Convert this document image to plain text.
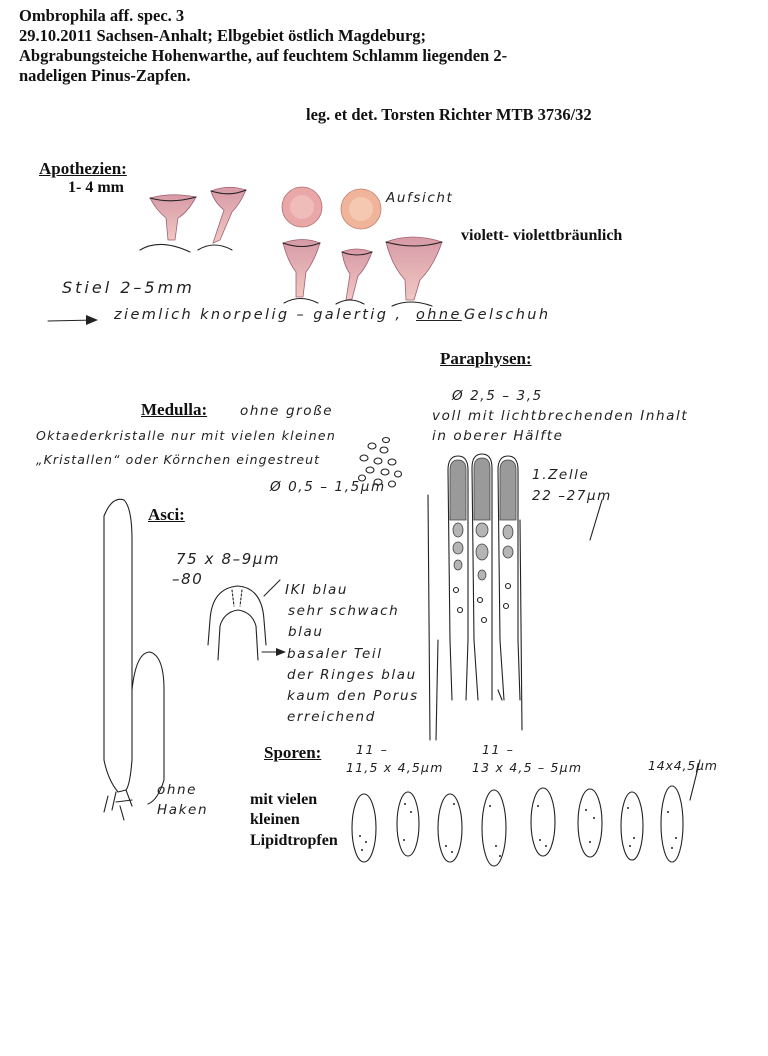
Ombrophila aff. spec. 3
29.10.2011 Sachsen-Anhalt; Elbgebiet östlich Magdeburg;
Abgrabungsteiche Hohenwarthe, auf feuchtem Schlamm liegenden 2-
nadeligen Pinus-Zapfen.
leg. et det. Torsten Richter MTB 3736/32
Apothezien:
1- 4 mm
Aufsicht
violett- violettbräunlich
Stiel 2–5mm
ziemlich knorpelig – galertig , ohne Gelschuh
Paraphysen:
Ø 2,5 – 3,5
voll mit lichtbrechenden Inhalt
in oberer Hälfte
1.Zelle
22 –27µm
Medulla: ohne große
Oktaederkristalle nur mit vielen kleinen
„Kristallen“ oder Körnchen eingestreut
Ø 0,5 – 1,5µm
Asci:
75 x 8–9µm
–80
IKI blau
sehr schwach
blau
basaler Teil
der Ringes blau
kaum den Porus
erreichend
ohne
Haken
Sporen:	11 –
11,5 x 4,5µm
11 –
13 x 4,5 – 5µm	14x4,5µm
mit vielen
kleinen
Lipidtropfen
